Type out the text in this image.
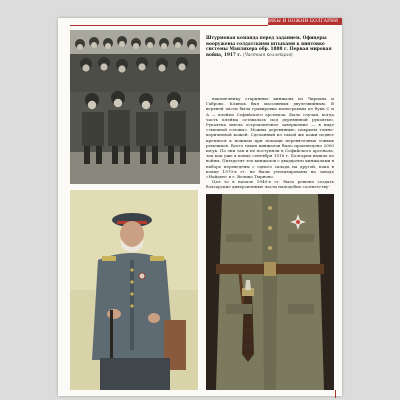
ЩИКЫ И НОЖНИ БОЛГАРИИ
Штурмовая команда перед заданием. Офицеры вооружены солдатскими штыками к винтовке системы Манлихера обр. 1888 г. Первая мировая война, 1917 г. (Частная коллекция)

наконечнику старинные кинжалы из Чирпана и Габрово. Клинок был массивным двулезвийным. В верхней части была гравировка монограммы из букв С и А — клеймо Софийского арсенала. Было случаи, когда часть клейма оставалась под деревянной рукоятью. Рукоятка имела остроконечное завершение — в виде «змеиной головы». Ножны деревянные, покрыты темно-коричневой кожей. Сделанный из такой же кожи подвес крепился к ножнам при помощи перевязочных тонких ремешков. Всего таких кинжалов было произведено 2000 штук. По они так и не поступили в Софийского арсенала, так как уже в конце сентября 1918 г. Болгария вышла из войны. Пятьдесят тех кинжалов с двадцатью кинжалами в наборе переведены с одного склада на другой, пока в конце 1970-х гг. не были утилизированы на заводе «Найден» в г. Велико Тырново.

Цел то в начале 1940-х гг. было решено создать болгарские диверсионные части наподобие соответству-

63
